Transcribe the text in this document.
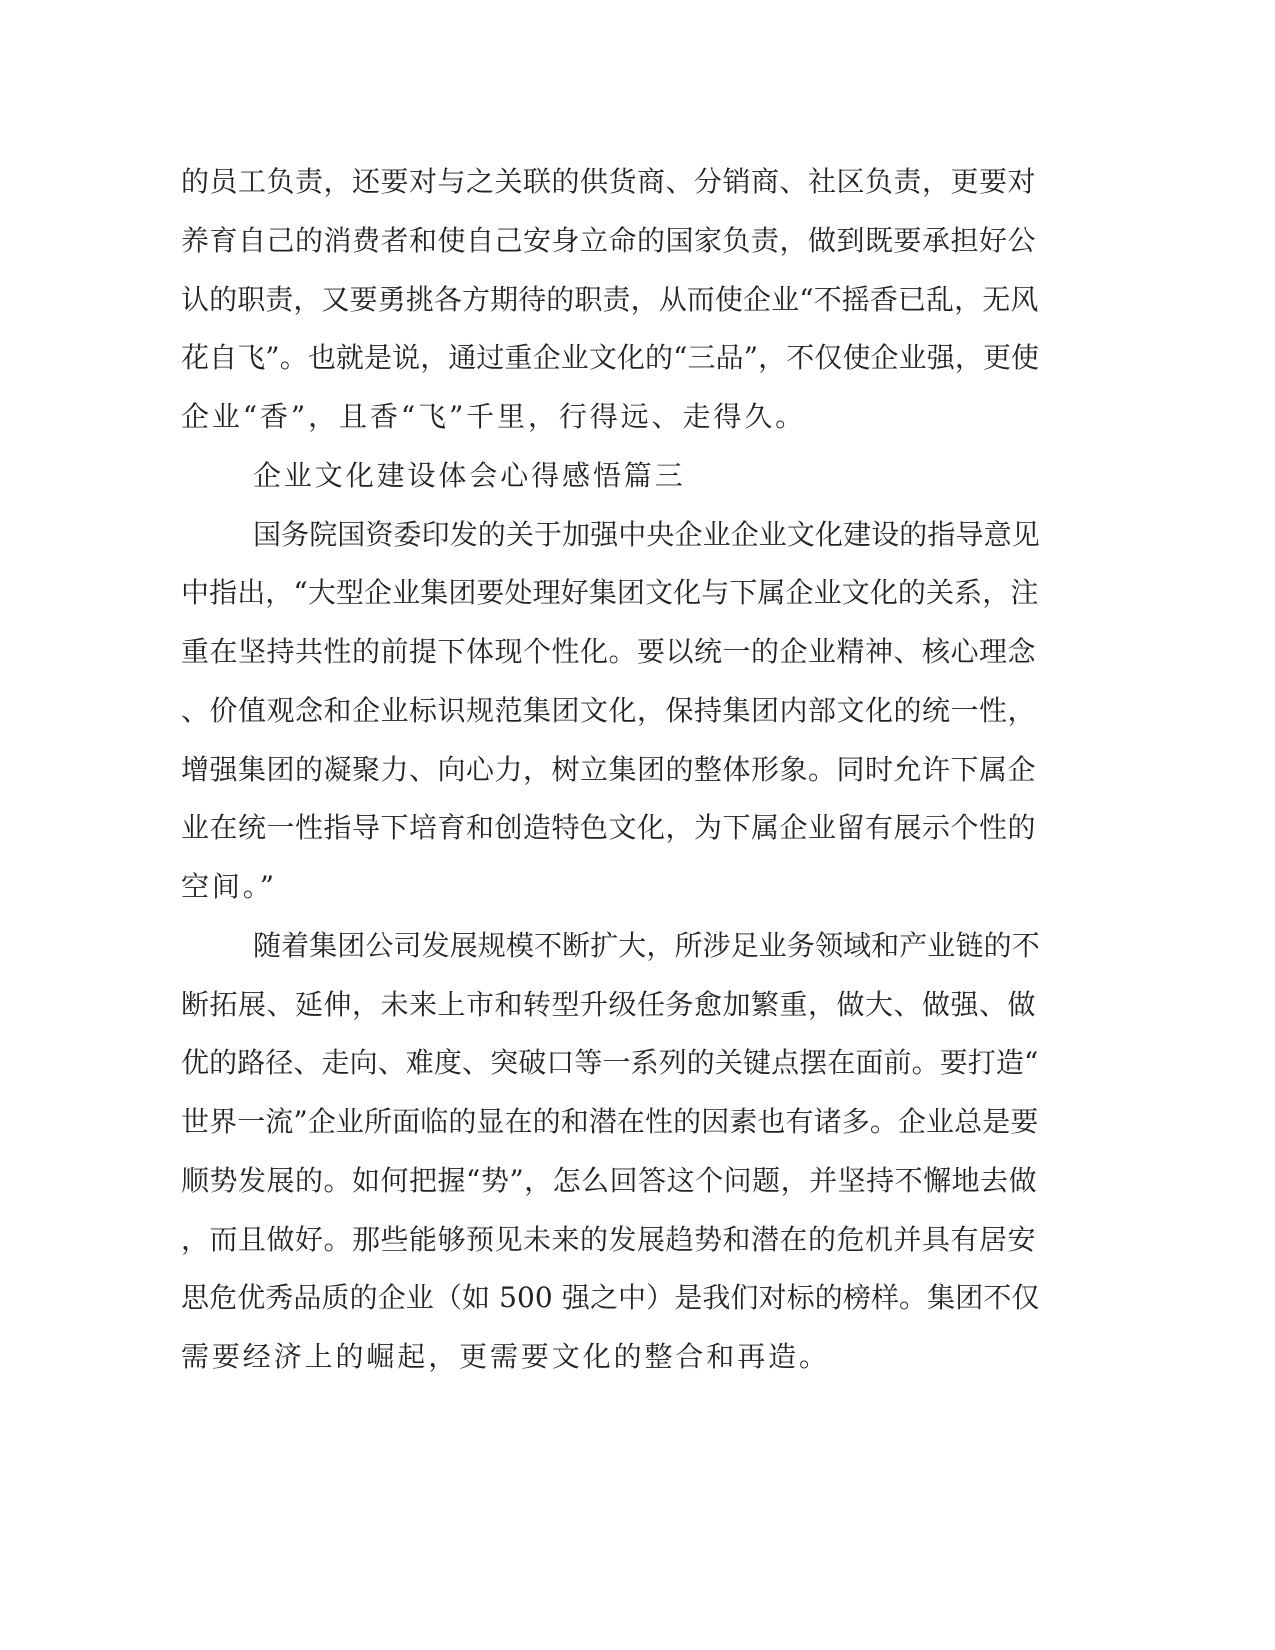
的员工负责，还要对与之关联的供货商、分销商、社区负责，更要对
养育自己的消费者和使自己安身立命的国家负责，做到既要承担好公
认的职责，又要勇挑各方期待的职责，从而使企业“不摇香已乱，无风
花自飞”。也就是说，通过重企业文化的“三品”，不仅使企业强，更使
企业“香”，且香“飞”千里，行得远、走得久。
企业文化建设体会心得感悟篇三
国务院国资委印发的关于加强中央企业企业文化建设的指导意见
中指出，“大型企业集团要处理好集团文化与下属企业文化的关系，注
重在坚持共性的前提下体现个性化。要以统一的企业精神、核心理念
、价值观念和企业标识规范集团文化，保持集团内部文化的统一性，
增强集团的凝聚力、向心力，树立集团的整体形象。同时允许下属企
业在统一性指导下培育和创造特色文化，为下属企业留有展示个性的
空间。”
随着集团公司发展规模不断扩大，所涉足业务领域和产业链的不
断拓展、延伸，未来上市和转型升级任务愈加繁重，做大、做强、做
优的路径、走向、难度、突破口等一系列的关键点摆在面前。要打造“
世界一流”企业所面临的显在的和潜在性的因素也有诸多。企业总是要
顺势发展的。如何把握“势”，怎么回答这个问题，并坚持不懈地去做
，而且做好。那些能够预见未来的发展趋势和潜在的危机并具有居安
思危优秀品质的企业（如 500 强之中）是我们对标的榜样。集团不仅
需要经济上的崛起，更需要文化的整合和再造。
